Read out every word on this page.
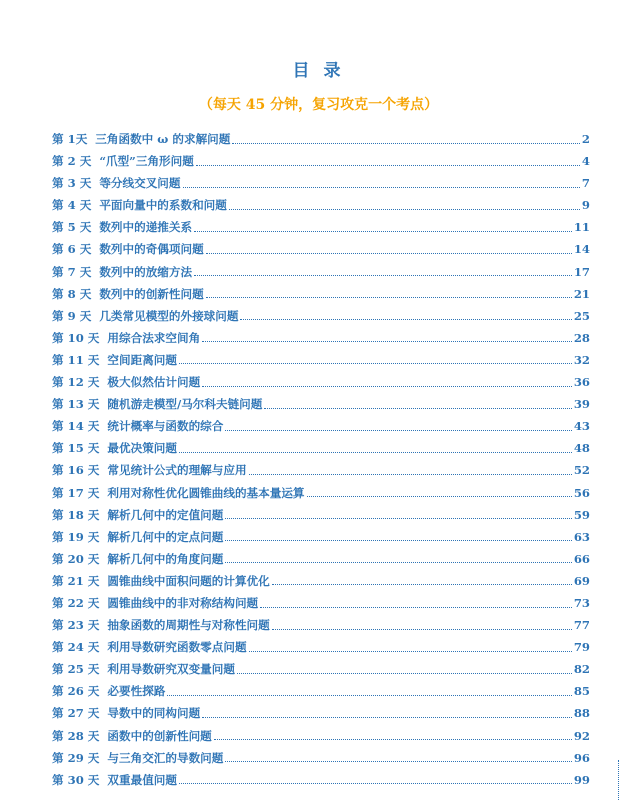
目 录
（每天 45 分钟，复习攻克一个考点）
第 1天 三角函数中 ω 的求解问题	2
第 2 天 “爪型”三角形问题	4
第 3 天 等分线交叉问题	7
第 4 天 平面向量中的系数和问题	9
第 5 天 数列中的递推关系	11
第 6 天 数列中的奇偶项问题	14
第 7 天 数列中的放缩方法	17
第 8 天 数列中的创新性问题	21
第 9 天 几类常见模型的外接球问题	25
第 10 天 用综合法求空间角	28
第 11 天 空间距离问题	32
第 12 天 极大似然估计问题	36
第 13 天 随机游走模型/马尔科夫链问题	39
第 14 天 统计概率与函数的综合	43
第 15 天 最优决策问题	48
第 16 天 常见统计公式的理解与应用	52
第 17 天 利用对称性优化圆锥曲线的基本量运算	56
第 18 天 解析几何中的定值问题	59
第 19 天 解析几何中的定点问题	63
第 20 天 解析几何中的角度问题	66
第 21 天 圆锥曲线中面积问题的计算优化	69
第 22 天 圆锥曲线中的非对称结构问题	73
第 23 天 抽象函数的周期性与对称性问题	77
第 24 天 利用导数研究函数零点问题	79
第 25 天 利用导数研究双变量问题	82
第 26 天 必要性探路	85
第 27 天 导数中的同构问题	88
第 28 天 函数中的创新性问题	92
第 29 天 与三角交汇的导数问题	96
第 30 天 双重最值问题	99
